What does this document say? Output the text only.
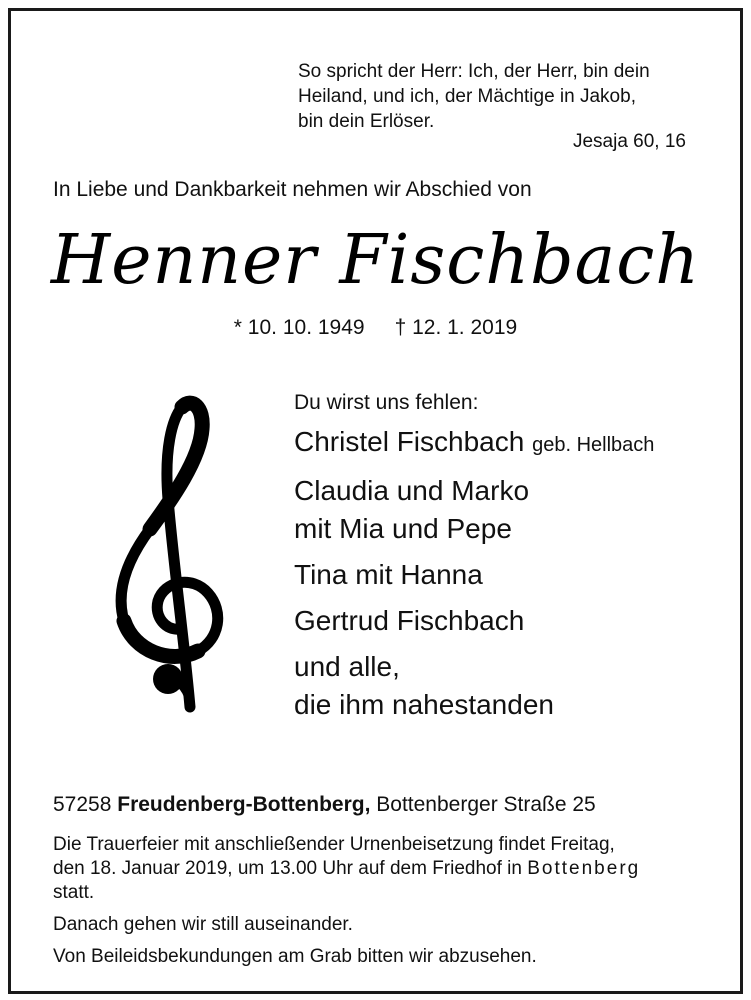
So spricht der Herr: Ich, der Herr, bin dein
Heiland, und ich, der Mächtige in Jakob,
bin dein Erlöser.
Jesaja 60, 16
In Liebe und Dankbarkeit nehmen wir Abschied von
Henner Fischbach
* 10. 10. 1949 † 12. 1. 2019
Du wirst uns fehlen:
Christel Fischbach geb. Hellbach
Claudia und Marko
mit Mia und Pepe
Tina mit Hanna
Gertrud Fischbach
und alle,
die ihm nahestanden
57258 Freudenberg-Bottenberg, Bottenberger Straße 25
Die Trauerfeier mit anschließender Urnenbeisetzung findet Freitag,
den 18. Januar 2019, um 13.00 Uhr auf dem Friedhof in Bottenberg
statt.
Danach gehen wir still auseinander.
Von Beileidsbekundungen am Grab bitten wir abzusehen.
